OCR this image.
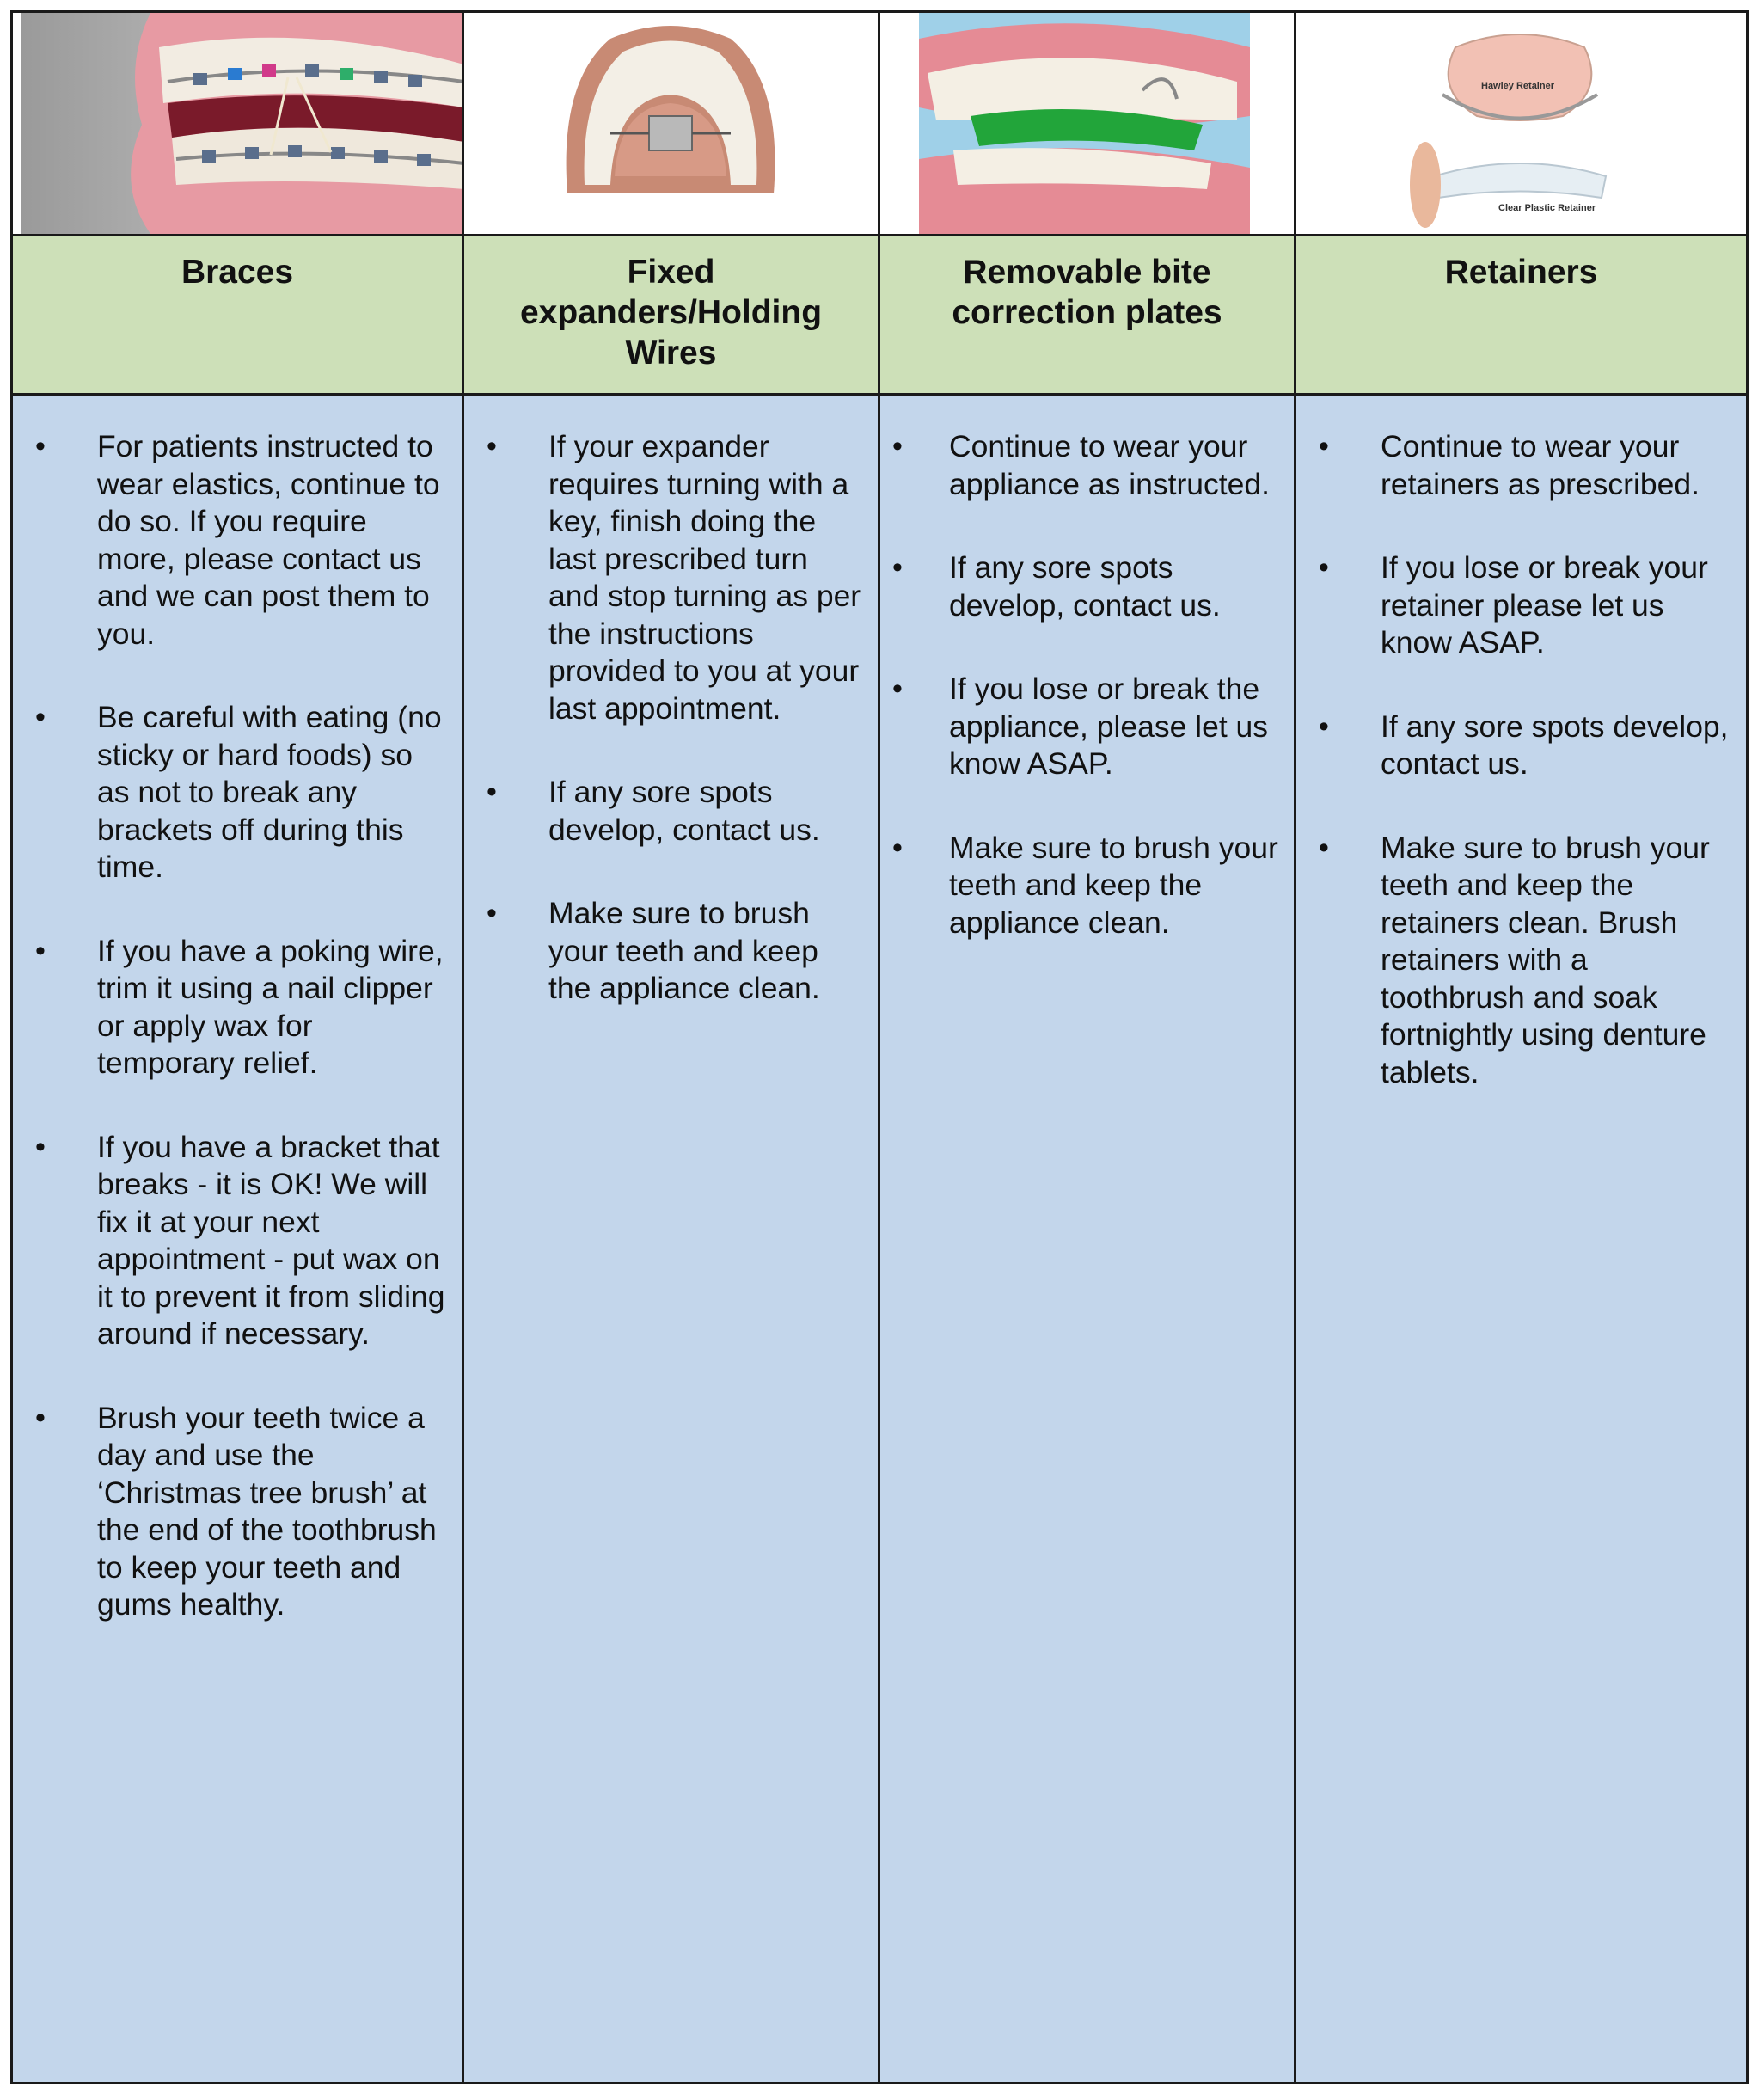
Hawley Retainer
Clear Plastic Retainer
Braces	Fixed expanders/Holding Wires
Removable bite correction plates
Retainers
• For patients instructed to wear elastics, continue to do so. If you require more, please contact us and we can post them to you.
• Be careful with eating (no sticky or hard foods) so as not to break any brackets off during this time.
• If you have a poking wire, trim it using a nail clipper or apply wax for temporary relief.
• If you have a bracket that breaks - it is OK! We will fix it at your next appointment - put wax on it to prevent it from sliding around if necessary.
• Brush your teeth twice a day and use the ‘Christmas tree brush’ at the end of the toothbrush to keep your teeth and gums healthy.
• If your expander requires turning with a key, finish doing the last prescribed turn and stop turning as per the instructions provided to you at your last appointment.
• If any sore spots develop, contact us.
• Make sure to brush your teeth and keep the appliance clean.
• Continue to wear your appliance as instructed.
• If any sore spots develop, contact us.
• If you lose or break the appliance, please let us know ASAP.
• Make sure to brush your teeth and keep the appliance clean.
• Continue to wear your retainers as prescribed.
• If you lose or break your retainer please let us know ASAP.
• If any sore spots develop, contact us.
• Make sure to brush your teeth and keep the retainers clean. Brush retainers with a toothbrush and soak fortnightly using denture tablets.
